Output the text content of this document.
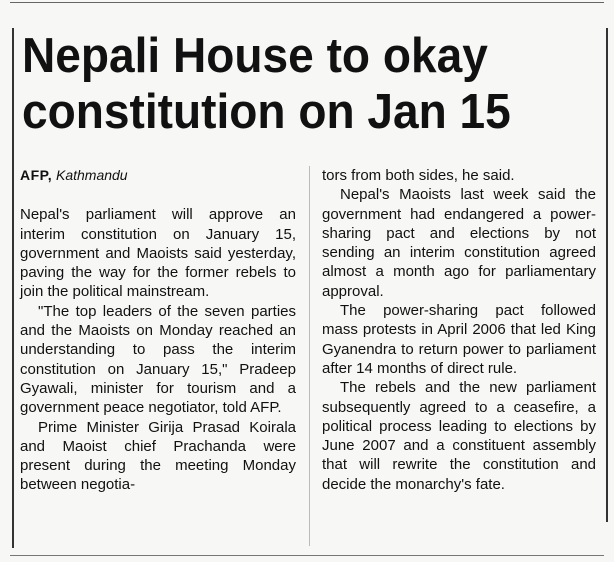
Nepali House to okay constitution on Jan 15
AFP, Kathmandu

Nepal's parliament will approve an interim constitution on January 15, government and Maoists said yesterday, paving the way for the former rebels to join the political mainstream.

"The top leaders of the seven parties and the Maoists on Monday reached an understanding to pass the interim constitution on January 15," Pradeep Gyawali, minister for tourism and a government peace negotiator, told AFP.

Prime Minister Girija Prasad Koirala and Maoist chief Prachanda were present during the meeting Monday between negotia-

tors from both sides, he said.

Nepal's Maoists last week said the government had endangered a power-sharing pact and elections by not sending an interim constitution agreed almost a month ago for parliamentary approval.

The power-sharing pact followed mass protests in April 2006 that led King Gyanendra to return power to parliament after 14 months of direct rule.

The rebels and the new parliament subsequently agreed to a ceasefire, a political process leading to elections by June 2007 and a constituent assembly that will rewrite the constitution and decide the monarchy's fate.
